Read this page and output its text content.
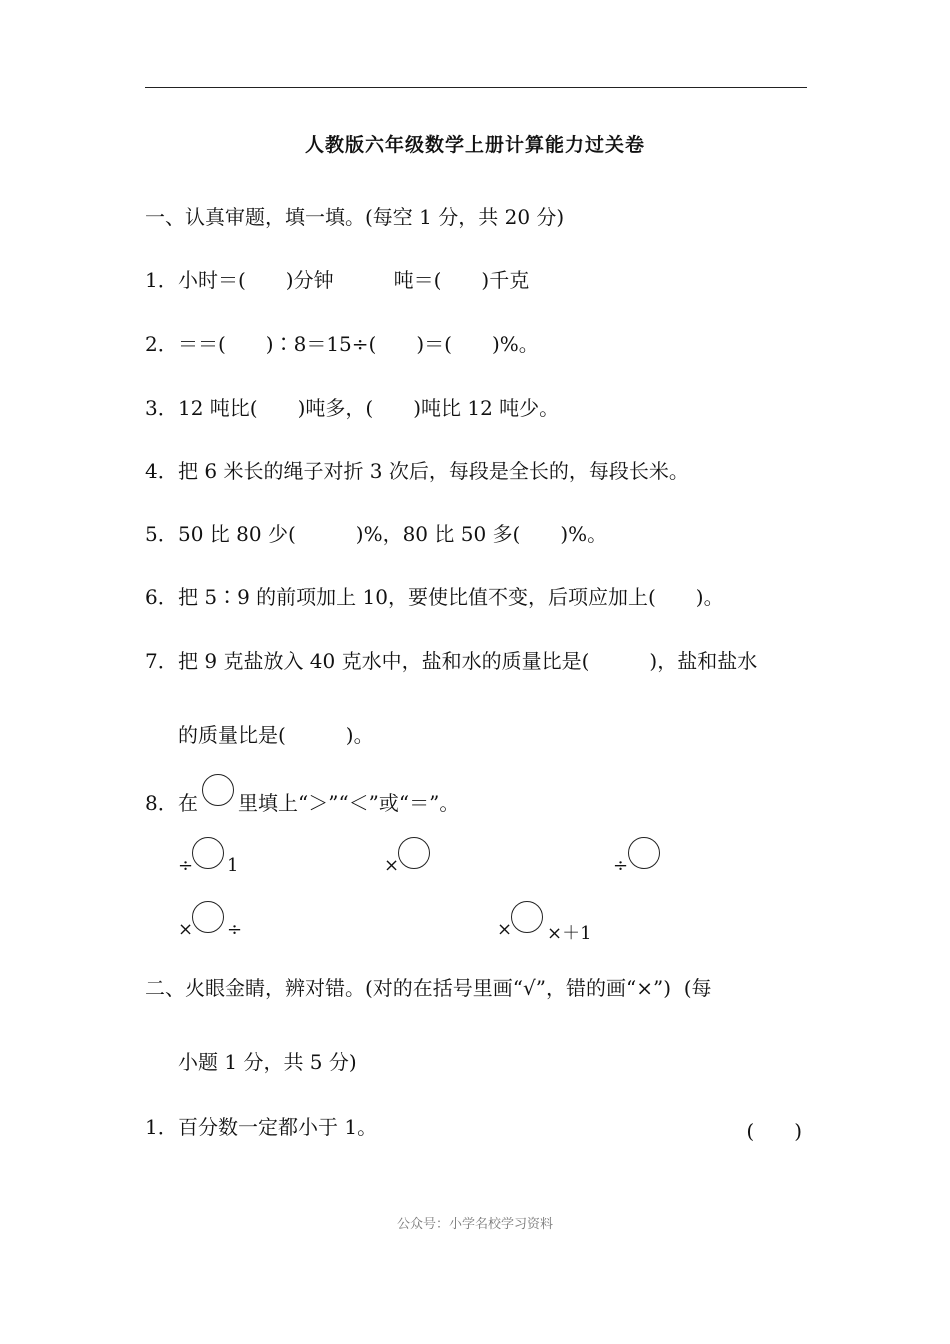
人教版六年级数学上册计算能力过关卷
一、认真审题，填一填。(每空 1 分，共 20 分)
1．小时＝(　　)分钟　　　吨＝(　　)千克
2．＝＝(　　)∶8＝15÷(　　)＝(　　)%。
3．12 吨比(　　)吨多，(　　)吨比 12 吨少。
4．把 6 米长的绳子对折 3 次后，每段是全长的，每段长米。
5．50 比 80 少(　　　)%，80 比 50 多(　　)%。
6．把 5∶9 的前项加上 10，要使比值不变，后项应加上(　　)。
7．把 9 克盐放入 40 克水中，盐和水的质量比是(　　　)，盐和盐水
的质量比是(　　　)。
8．在 里填上“＞”“＜”或“＝”。
÷ 1	×	÷
× ÷	× ×＋1
二、火眼金睛，辨对错。(对的在括号里画“√”，错的画“×”)  (每
小题 1 分，共 5 分)
1．百分数一定都小于 1。	(　　)
公众号：小学名校学习资料
